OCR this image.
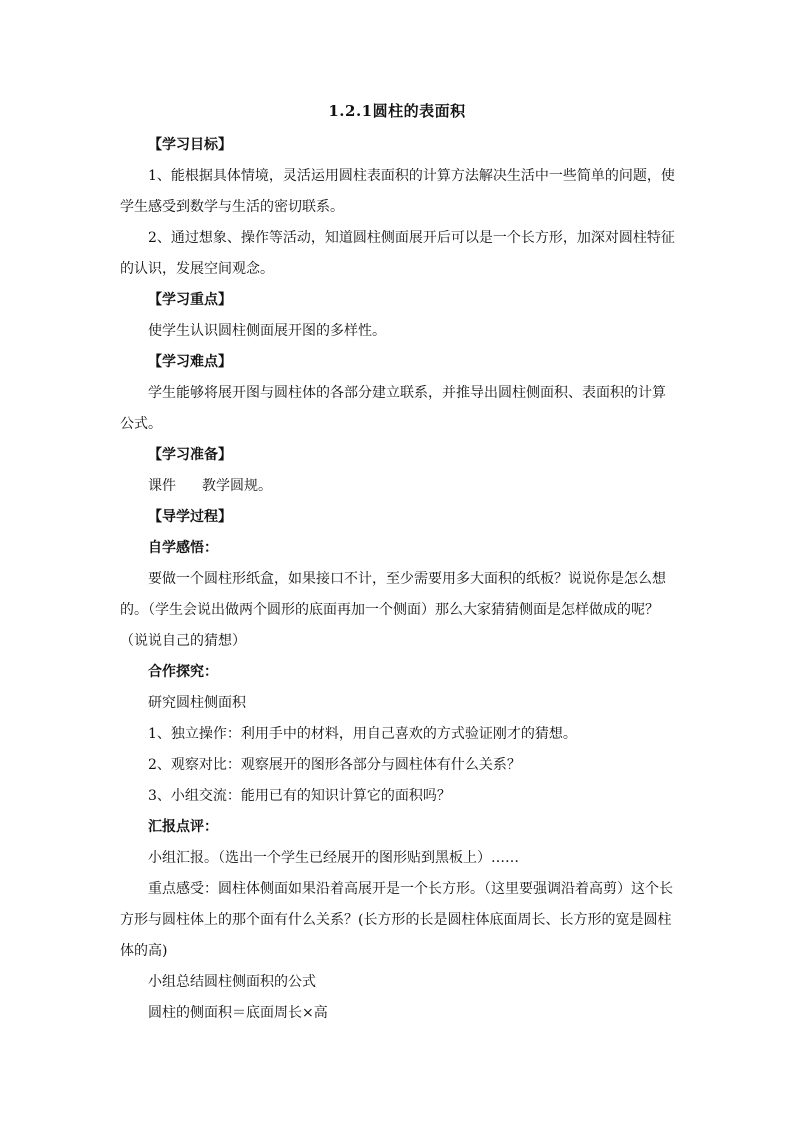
1.2.1圆柱的表面积

【学习目标】

1、能根据具体情境，灵活运用圆柱表面积的计算方法解决生活中一些简单的问题，使学生感受到数学与生活的密切联系。

2、通过想象、操作等活动，知道圆柱侧面展开后可以是一个长方形，加深对圆柱特征的认识，发展空间观念。

【学习重点】

使学生认识圆柱侧面展开图的多样性。

【学习难点】

学生能够将展开图与圆柱体的各部分建立联系，并推导出圆柱侧面积、表面积的计算公式。

【学习准备】

课件 教学圆规。

【导学过程】

自学感悟：

要做一个圆柱形纸盒，如果接口不计，至少需要用多大面积的纸板？说说你是怎么想的。（学生会说出做两个圆形的底面再加一个侧面）那么大家猜猜侧面是怎样做成的呢？（说说自己的猜想）

合作探究：

研究圆柱侧面积

1、独立操作：利用手中的材料，用自己喜欢的方式验证刚才的猜想。

2、观察对比：观察展开的图形各部分与圆柱体有什么关系？

3、小组交流：能用已有的知识计算它的面积吗？

汇报点评：

小组汇报。（选出一个学生已经展开的图形贴到黑板上）……

重点感受：圆柱体侧面如果沿着高展开是一个长方形。（这里要强调沿着高剪）这个长方形与圆柱体上的那个面有什么关系？(长方形的长是圆柱体底面周长、长方形的宽是圆柱体的高)

小组总结圆柱侧面积的公式

圆柱的侧面积＝底面周长×高
